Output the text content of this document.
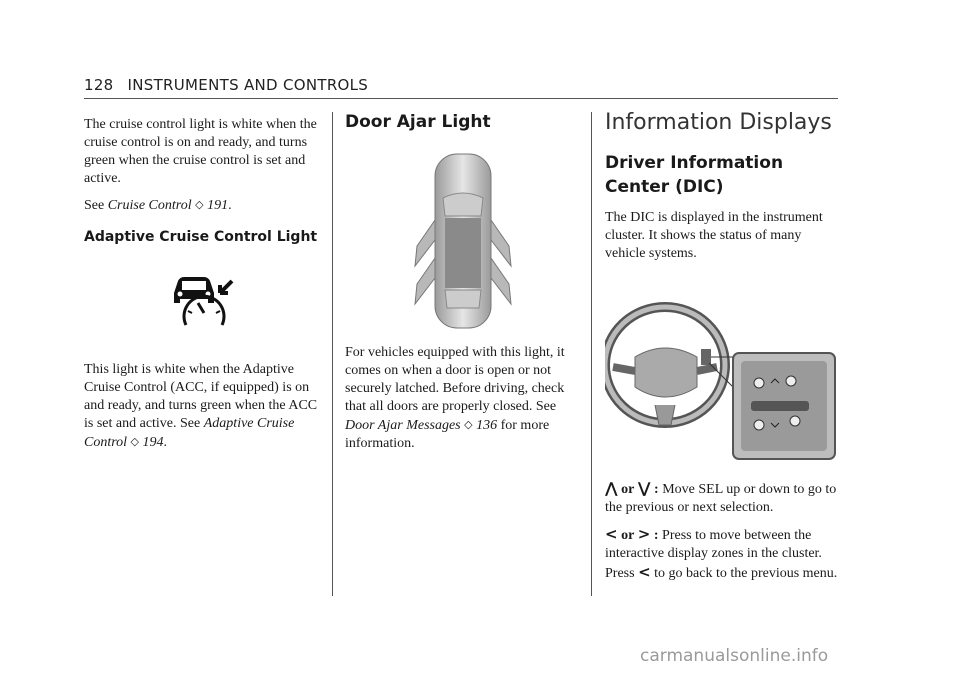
128 INSTRUMENTS AND CONTROLS

The cruise control light is white when the cruise control is on and ready, and turns green when the cruise control is set and active.

See Cruise Control ◇ 191.

Adaptive Cruise Control Light

This light is white when the Adaptive Cruise Control (ACC, if equipped) is on and ready, and turns green when the ACC is set and active. See Adaptive Cruise Control ◇ 194.

Door Ajar Light

For vehicles equipped with this light, it comes on when a door is open or not securely latched. Before driving, check that all doors are properly closed. See Door Ajar Messages ◇ 136 for more information.

Information Displays
Driver Information
Center (DIC)

The DIC is displayed in the instrument cluster. It shows the status of many vehicle systems.

⋀ or ⋁ : Move SEL up or down to go to the previous or next selection.

< or > : Press to move between the interactive display zones in the cluster. Press < to go back to the previous menu.

carmanualsonline.info
